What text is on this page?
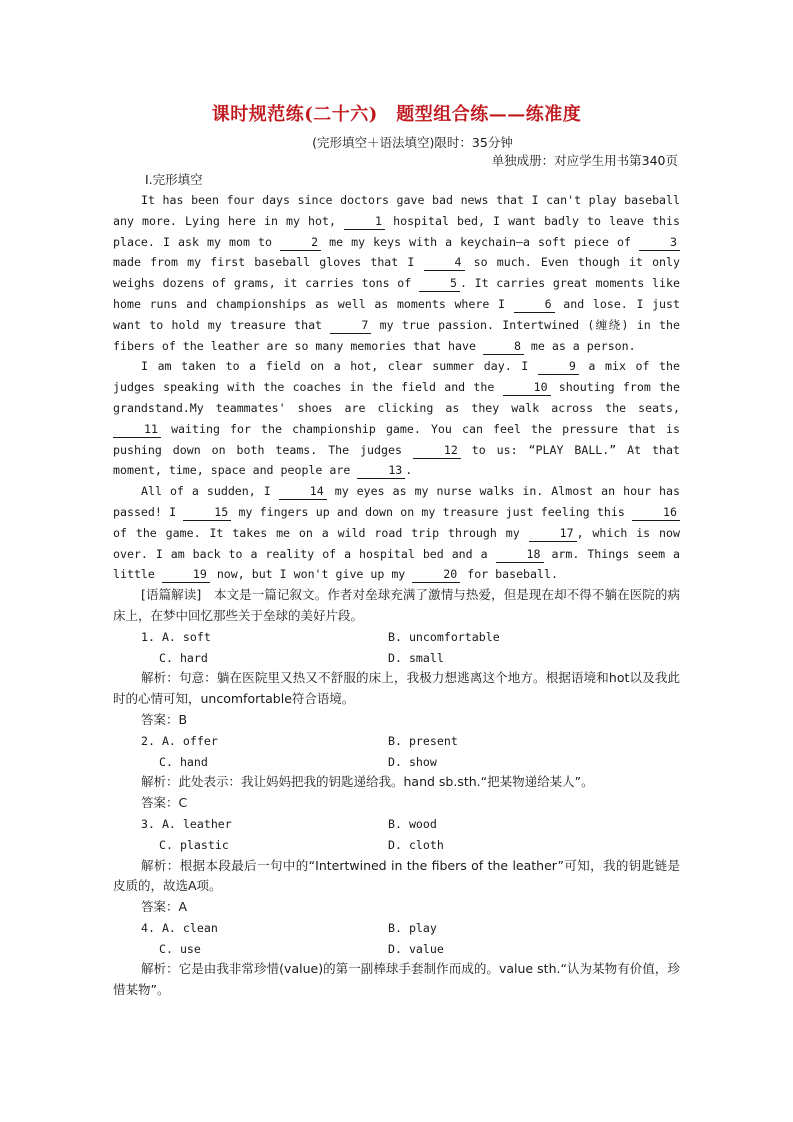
课时规范练(二十六)　题型组合练——练准度
(完形填空＋语法填空)限时：35分钟
单独成册：对应学生用书第340页
Ⅰ.完形填空

It has been four days since doctors gave bad news that I can't play baseball any more. Lying here in my hot,	1 hospital bed, I want badly to leave this place. I ask my mom to	2 me my keys with a keychain—a soft piece of	3 made from my first baseball gloves that I	4 so much. Even though it only weighs dozens of grams, it carries tons of	5 . It carries great moments like home runs and championships as well as moments where I	6 and lose. I just want to hold my treasure that	7 my true passion. Intertwined (缠绕) in the fibers of the leather are so many memories that have	8 me as a person.

I am taken to a field on a hot, clear summer day. I	9 a mix of the judges speaking with the coaches in the field and the	10 shouting from the grandstand.My teammates' shoes are clicking as they walk across the seats, 11 waiting for the championship game. You can feel the pressure that is pushing down on both teams. The judges	12 to us: “PLAY BALL.” At that moment, time, space and people are	13 .

All of a sudden, I	14 my eyes as my nurse walks in. Almost an hour has passed! I	15 my fingers up and down on my treasure just feeling this	16 of the game. It takes me on a wild road trip through my	17 , which is now over. I am back to a reality of a hospital bed and a	18 arm. Things seem a little	19 now, but I won't give up my	20 for baseball.

[语篇解读]　本文是一篇记叙文。作者对垒球充满了激情与热爱，但是现在却不得不躺在医院的病床上，在梦中回忆那些关于垒球的美好片段。

1. A. soft	B. uncomfortable
C. hard	D. small

解析：句意：躺在医院里又热又不舒服的床上，我极力想逃离这个地方。根据语境和hot以及我此时的心情可知，uncomfortable符合语境。

答案：B

2. A. offer	B. present
C. hand	D. show

解析：此处表示：我让妈妈把我的钥匙递给我。hand sb.sth.“把某物递给某人”。

答案：C

3. A. leather	B. wood
C. plastic	D. cloth

解析：根据本段最后一句中的“Intertwined in the fibers of the leather”可知，我的钥匙链是皮质的，故选A项。

答案：A

4. A. clean	B. play
C. use	D. value

解析：它是由我非常珍惜(value)的第一副棒球手套制作而成的。value sth.“认为某物有价值，珍惜某物”。
